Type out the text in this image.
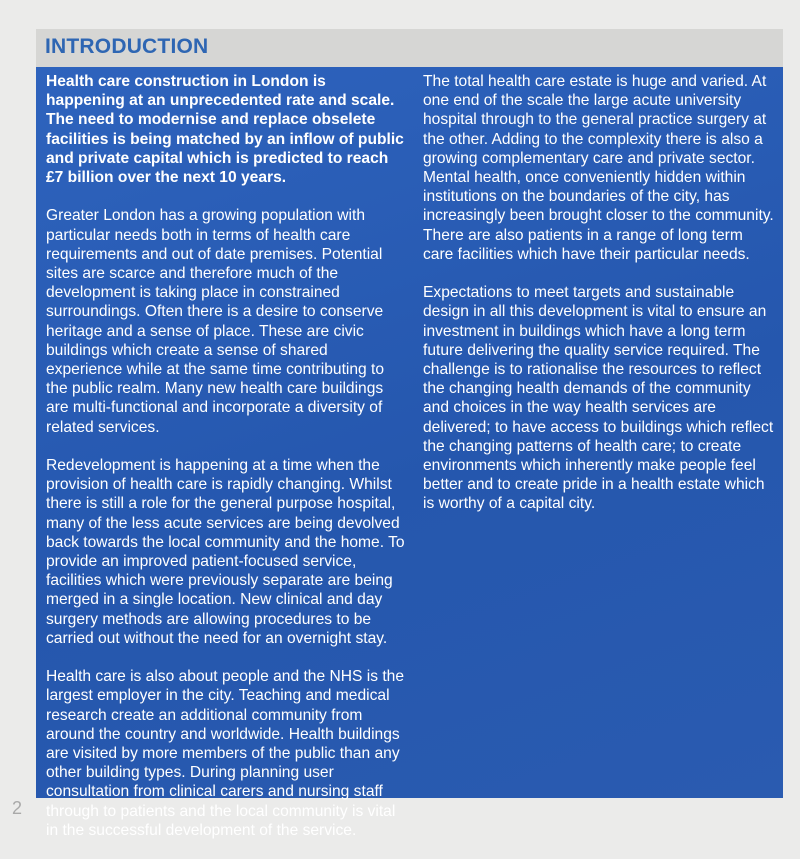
INTRODUCTION

Health care construction in London is happening at an unprecedented rate and scale. The need to modernise and replace obselete facilities is being matched by an inflow of public and private capital which is predicted to reach £7 billion over the next 10 years.

Greater London has a growing population with particular needs both in terms of health care requirements and out of date premises. Potential sites are scarce and therefore much of the development is taking place in constrained surroundings. Often there is a desire to conserve heritage and a sense of place. These are civic buildings which create a sense of shared experience while at the same time contributing to the public realm. Many new health care buildings are multi-functional and incorporate a diversity of related services.

Redevelopment is happening at a time when the provision of health care is rapidly changing. Whilst there is still a role for the general purpose hospital, many of the less acute services are being devolved back towards the local community and the home. To provide an improved patient-focused service, facilities which were previously separate are being merged in a single location. New clinical and day surgery methods are allowing procedures to be carried out without the need for an overnight stay.

Health care is also about people and the NHS is the largest employer in the city. Teaching and medical research create an additional community from around the country and worldwide. Health buildings are visited by more members of the public than any other building types. During planning user consultation from clinical carers and nursing staff through to patients and the local community is vital in the successful development of the service.

The total health care estate is huge and varied. At one end of the scale the large acute university hospital through to the general practice surgery at the other. Adding to the complexity there is also a growing complementary care and private sector. Mental health, once conveniently hidden within institutions on the boundaries of the city, has increasingly been brought closer to the community. There are also patients in a range of long term care facilities which have their particular needs.

Expectations to meet targets and sustainable design in all this development is vital to ensure an investment in buildings which have a long term future delivering the quality service required. The challenge is to rationalise the resources to reflect the changing health demands of the community and choices in the way health services are delivered; to have access to buildings which reflect the changing patterns of health care; to create environments which inherently make people feel better and to create pride in a health estate which is worthy of a capital city.

2
